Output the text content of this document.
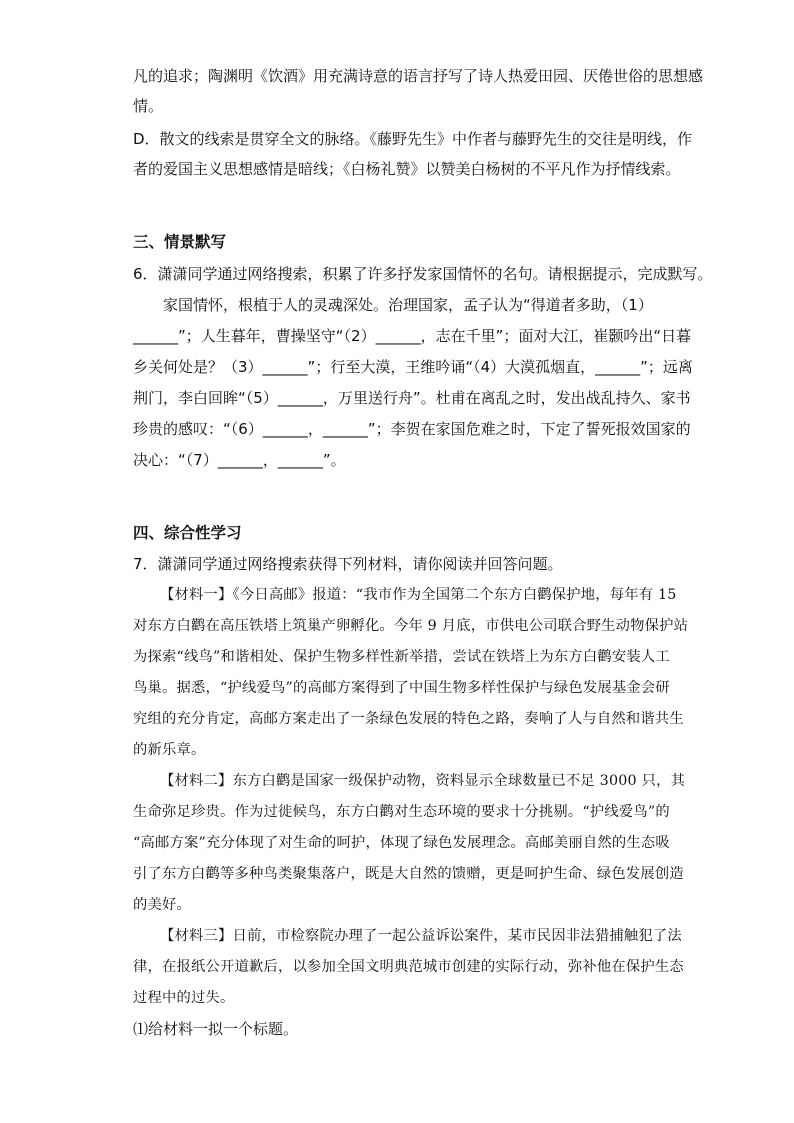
凡的追求；陶渊明《饮酒》用充满诗意的语言抒写了诗人热爱田园、厌倦世俗的思想感
情。
D．散文的线索是贯穿全文的脉络。《藤野先生》中作者与藤野先生的交往是明线，作
者的爱国主义思想感情是暗线；《白杨礼赞》以赞美白杨树的不平凡作为抒情线索。
三、情景默写
6．潇潇同学通过网络搜索，积累了许多抒发家国情怀的名句。请根据提示，完成默写。
家国情怀，根植于人的灵魂深处。治理国家，孟子认为“得道者多助，（1）
______”；人生暮年，曹操坚守“（2）______，志在千里”；面对大江，崔颢吟出“日暮
乡关何处是？（3）______”；行至大漠，王维吟诵“（4）大漠孤烟直，______”；远离
荆门，李白回眸“（5）______，万里送行舟”。杜甫在离乱之时，发出战乱持久、家书
珍贵的感叹：“（6）______，______”；李贺在家国危难之时，下定了誓死报效国家的
决心：“（7）______，______”。
四、综合性学习
7．潇潇同学通过网络搜索获得下列材料，请你阅读并回答问题。
【材料一】《今日高邮》报道：“我市作为全国第二个东方白鹳保护地，每年有 15
对东方白鹳在高压铁塔上筑巢产卵孵化。今年 9 月底，市供电公司联合野生动物保护站
为探索“线鸟”和谐相处、保护生物多样性新举措，尝试在铁塔上为东方白鹳安装人工
鸟巢。据悉，“护线爱鸟”的高邮方案得到了中国生物多样性保护与绿色发展基金会研
究组的充分肯定，高邮方案走出了一条绿色发展的特色之路，奏响了人与自然和谐共生
的新乐章。
【材料二】东方白鹳是国家一级保护动物，资料显示全球数量已不足 3000 只，其
生命弥足珍贵。作为过徙候鸟，东方白鹳对生态环境的要求十分挑剔。“护线爱鸟”的
“高邮方案”充分体现了对生命的呵护，体现了绿色发展理念。高邮美丽自然的生态吸
引了东方白鹳等多种鸟类聚集落户，既是大自然的馈赠，更是呵护生命、绿色发展创造
的美好。
【材料三】日前，市检察院办理了一起公益诉讼案件，某市民因非法猎捕触犯了法
律，在报纸公开道歉后，以参加全国文明典范城市创建的实际行动，弥补他在保护生态
过程中的过失。
⑴给材料一拟一个标题。
